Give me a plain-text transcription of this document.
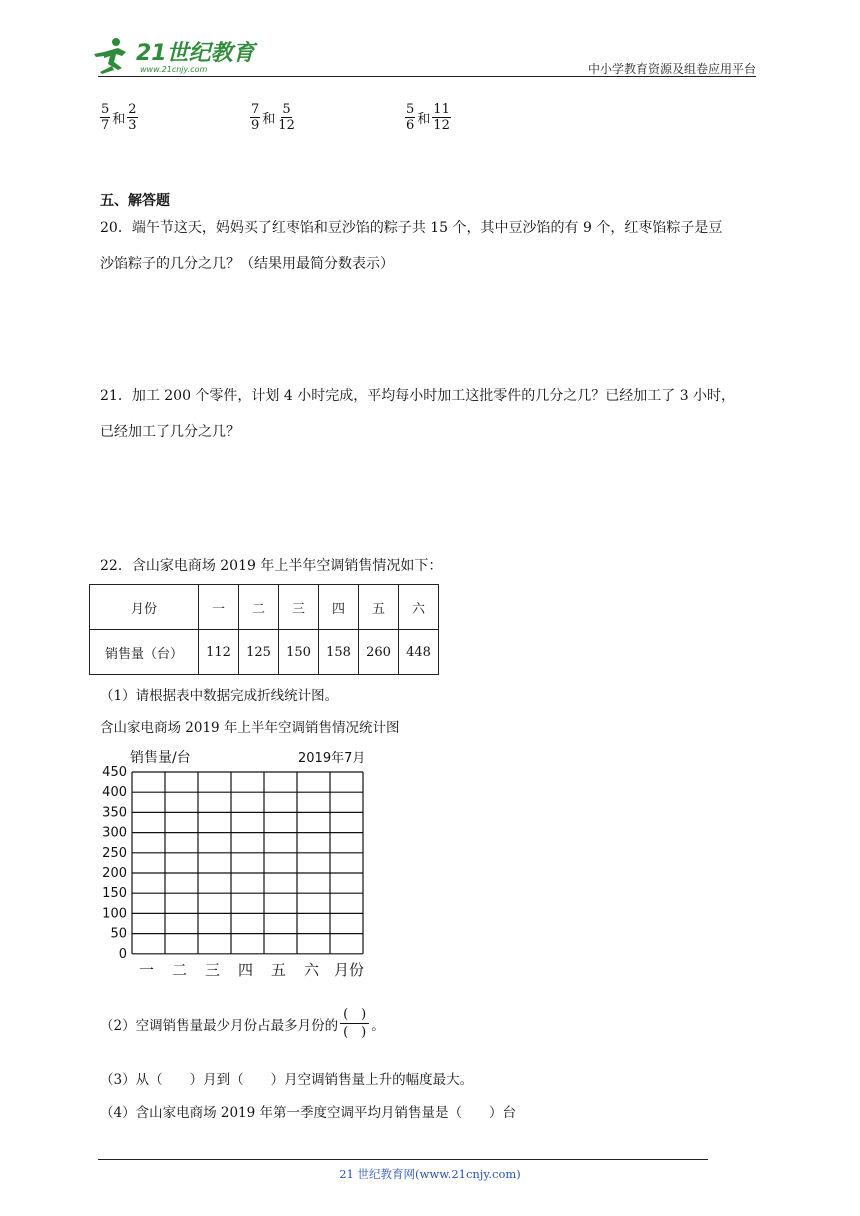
21世纪教育
www.21cnjy.com	中小学教育资源及组卷应用平台
$\frac{5}{7}$ 和 $\frac{2}{3}$	$\frac{7}{9}$ 和 $\frac{5}{12}$	$\frac{5}{6}$ 和 $\frac{11}{12}$
五、解答题
20．端午节这天，妈妈买了红枣馅和豆沙馅的粽子共 15 个，其中豆沙馅的有 9 个，红枣馅粽子是豆
沙馅粽子的几分之几？（结果用最简分数表示）
21．加工 200 个零件，计划 4 小时完成，平均每小时加工这批零件的几分之几？已经加工了 3 小时，
已经加工了几分之几？
22．含山家电商场 2019 年上半年空调销售情况如下：
月份	一	二	三	四	五	六
销售量（台）	112	125	150	158	260	448
（1）请根据表中数据完成折线统计图。
含山家电商场 2019 年上半年空调销售情况统计图
450
400
350
300
250
200
150
100
50
0
销售量/台	2019年7月
一 二 三 四 五 六 月份
（2）空调销售量最少月份占最多月份的 $\frac{( )}{( )}$ 。
（3）从（　　）月到（　　）月空调销售量上升的幅度最大。
（4）含山家电商场 2019 年第一季度空调平均月销售量是（　　）台
21 世纪教育网(www.21cnjy.com)
